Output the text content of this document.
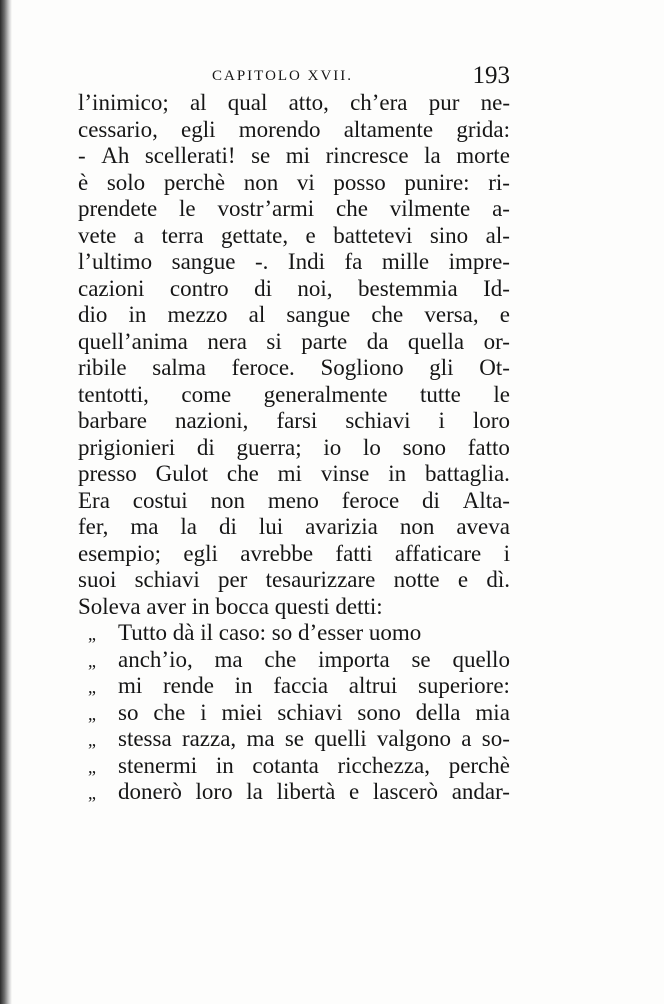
CAPITOLO XVII.	193
l’inimico; al qual atto, ch’era pur ne-
cessario, egli morendo altamente grida:
- Ah scellerati! se mi rincresce la morte
è solo perchè non vi posso punire: ri-
prendete le vostr’armi che vilmente a-
vete a terra gettate, e battetevi sino al-
l’ultimo sangue -. Indi fa mille impre-
cazioni contro di noi, bestemmia Id-
dio in mezzo al sangue che versa, e
quell’anima nera si parte da quella or-
ribile salma feroce. Sogliono gli Ot-
tentotti, come generalmente tutte le
barbare nazioni, farsi schiavi i loro
prigionieri di guerra; io lo sono fatto
presso Gulot che mi vinse in battaglia.
Era costui non meno feroce di Alta-
fer, ma la di lui avarizia non aveva
esempio; egli avrebbe fatti affaticare i
suoi schiavi per tesaurizzare notte e dì.
Soleva
aver
in
bocca
questi
detti:
„ Tutto
dà
il
caso:
so
d’esser
uomo
„ anch’io, ma che importa se quello
„ mi rende in faccia altrui superiore:
„ so che i miei schiavi sono della mia
„ stessa razza, ma se quelli valgono a so-
„ stenermi in cotanta ricchezza, perchè
„ donerò loro la libertà e lascerò andar-
